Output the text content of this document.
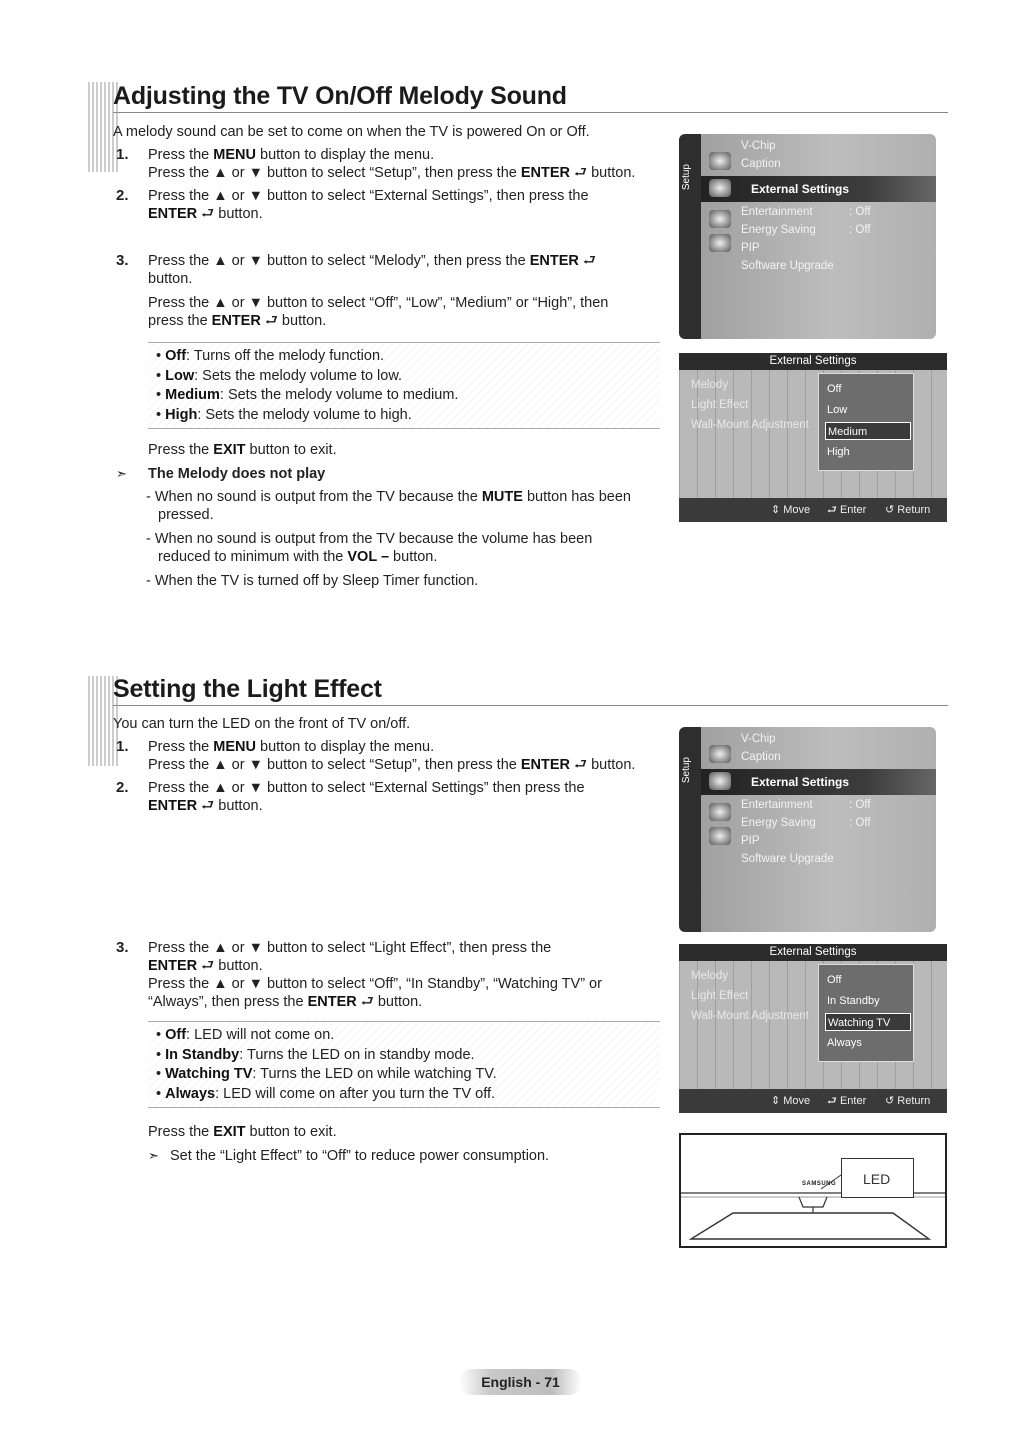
Adjusting the TV On/Off Melody Sound
A melody sound can be set to come on when the TV is powered On or Off.
1. Press the MENU button to display the menu.
Press the ▲ or ▼ button to select “Setup”, then press the ENTER ⮐ button.
2. Press the ▲ or ▼ button to select “External Settings”, then press the
ENTER ⮐ button.
3. Press the ▲ or ▼ button to select “Melody”, then press the ENTER ⮐
button.
Press the ▲ or ▼ button to select “Off”, “Low”, “Medium” or “High”, then
press the ENTER ⮐ button.
• Off: Turns off the melody function.
• Low: Sets the melody volume to low.
• Medium: Sets the melody volume to medium.
• High: Sets the melody volume to high.
Press the EXIT button to exit.
➣ The Melody does not play
- When no sound is output from the TV because the MUTE button has been
pressed.
- When no sound is output from the TV because the volume has been
reduced to minimum with the VOL – button.
- When the TV is turned off by Sleep Timer function.
Setup
V-Chip
Caption
External Settings
Entertainment	: Off
Energy Saving	: Off
PIP
Software Upgrade
External Settings
Melody
Light Effect
Wall-Mount Adjustment
Off
Low
Medium
High
⇕ Move ⮐ Enter ↺ Return
Setting the Light Effect
You can turn the LED on the front of TV on/off.
1. Press the MENU button to display the menu.
Press the ▲ or ▼ button to select “Setup”, then press the ENTER ⮐ button.
2. Press the ▲ or ▼ button to select “External Settings” then press the
ENTER ⮐ button.
3. Press the ▲ or ▼ button to select “Light Effect”, then press the
ENTER ⮐ button.
Press the ▲ or ▼ button to select “Off”, “In Standby”, “Watching TV” or
“Always”, then press the ENTER ⮐ button.
• Off: LED will not come on.
• In Standby: Turns the LED on in standby mode.
• Watching TV: Turns the LED on while watching TV.
• Always: LED will come on after you turn the TV off.
Press the EXIT button to exit.
➣ Set the “Light Effect” to “Off” to reduce power consumption.
Setup
V-Chip
Caption
External Settings
Entertainment	: Off
Energy Saving	: Off
PIP
Software Upgrade
External Settings
Melody
Light Effect
Wall-Mount Adjustment
Off
In Standby
Watching TV
Always
⇕ Move ⮐ Enter ↺ Return
LED
SAMSUNG
English - 71
